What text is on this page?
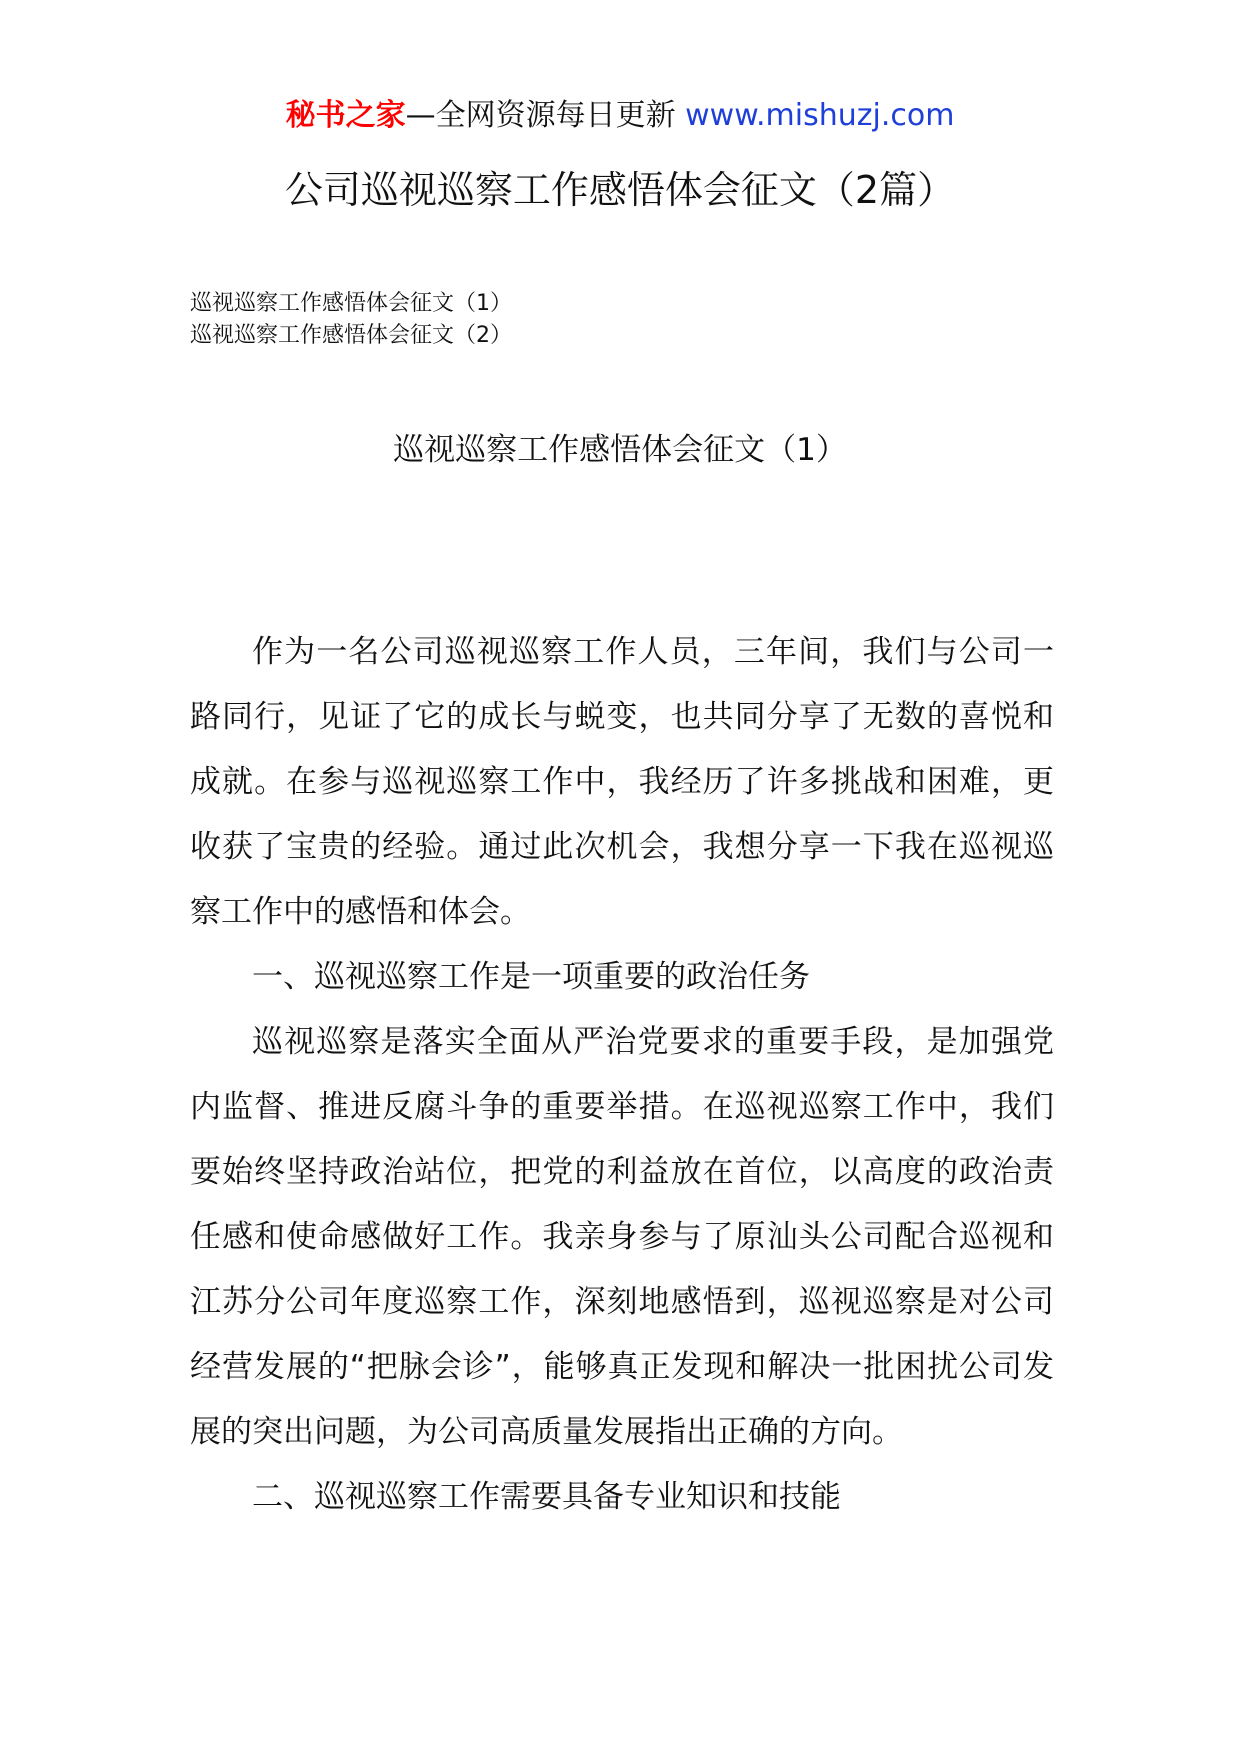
秘书之家—全网资源每日更新 www.mishuzj.com
公司巡视巡察工作感悟体会征文（2篇）
巡视巡察工作感悟体会征文（1）
巡视巡察工作感悟体会征文（2）
巡视巡察工作感悟体会征文（1）

作为一名公司巡视巡察工作人员，三年间，我们与公司一路同行，见证了它的成长与蜕变，也共同分享了无数的喜悦和成就。在参与巡视巡察工作中，我经历了许多挑战和困难，更收获了宝贵的经验。通过此次机会，我想分享一下我在巡视巡察工作中的感悟和体会。

一、巡视巡察工作是一项重要的政治任务

巡视巡察是落实全面从严治党要求的重要手段，是加强党内监督、推进反腐斗争的重要举措。在巡视巡察工作中，我们要始终坚持政治站位，把党的利益放在首位，以高度的政治责任感和使命感做好工作。我亲身参与了原汕头公司配合巡视和江苏分公司年度巡察工作，深刻地感悟到，巡视巡察是对公司经营发展的“把脉会诊”，能够真正发现和解决一批困扰公司发展的突出问题，为公司高质量发展指出正确的方向。

二、巡视巡察工作需要具备专业知识和技能
